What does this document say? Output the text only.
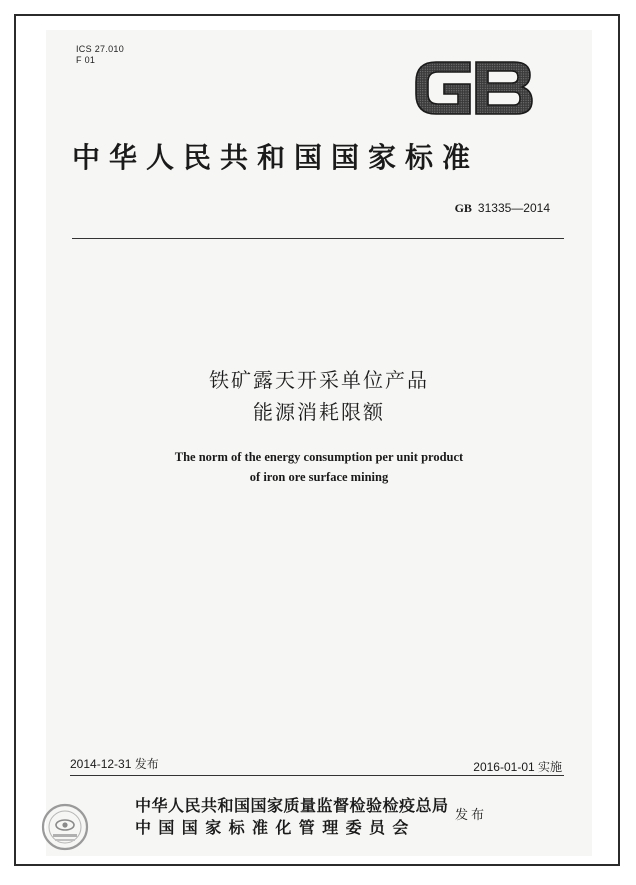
ICS 27.010
F 01
中华人民共和国国家标准
GB 31335—2014
铁矿露天开采单位产品
能源消耗限额
The norm of the energy consumption per unit product
of iron ore surface mining
2014-12-31 发布	2016-01-01 实施
中华人民共和国国家质量监督检验检疫总局
中国国家标准化管理委员会
发布
